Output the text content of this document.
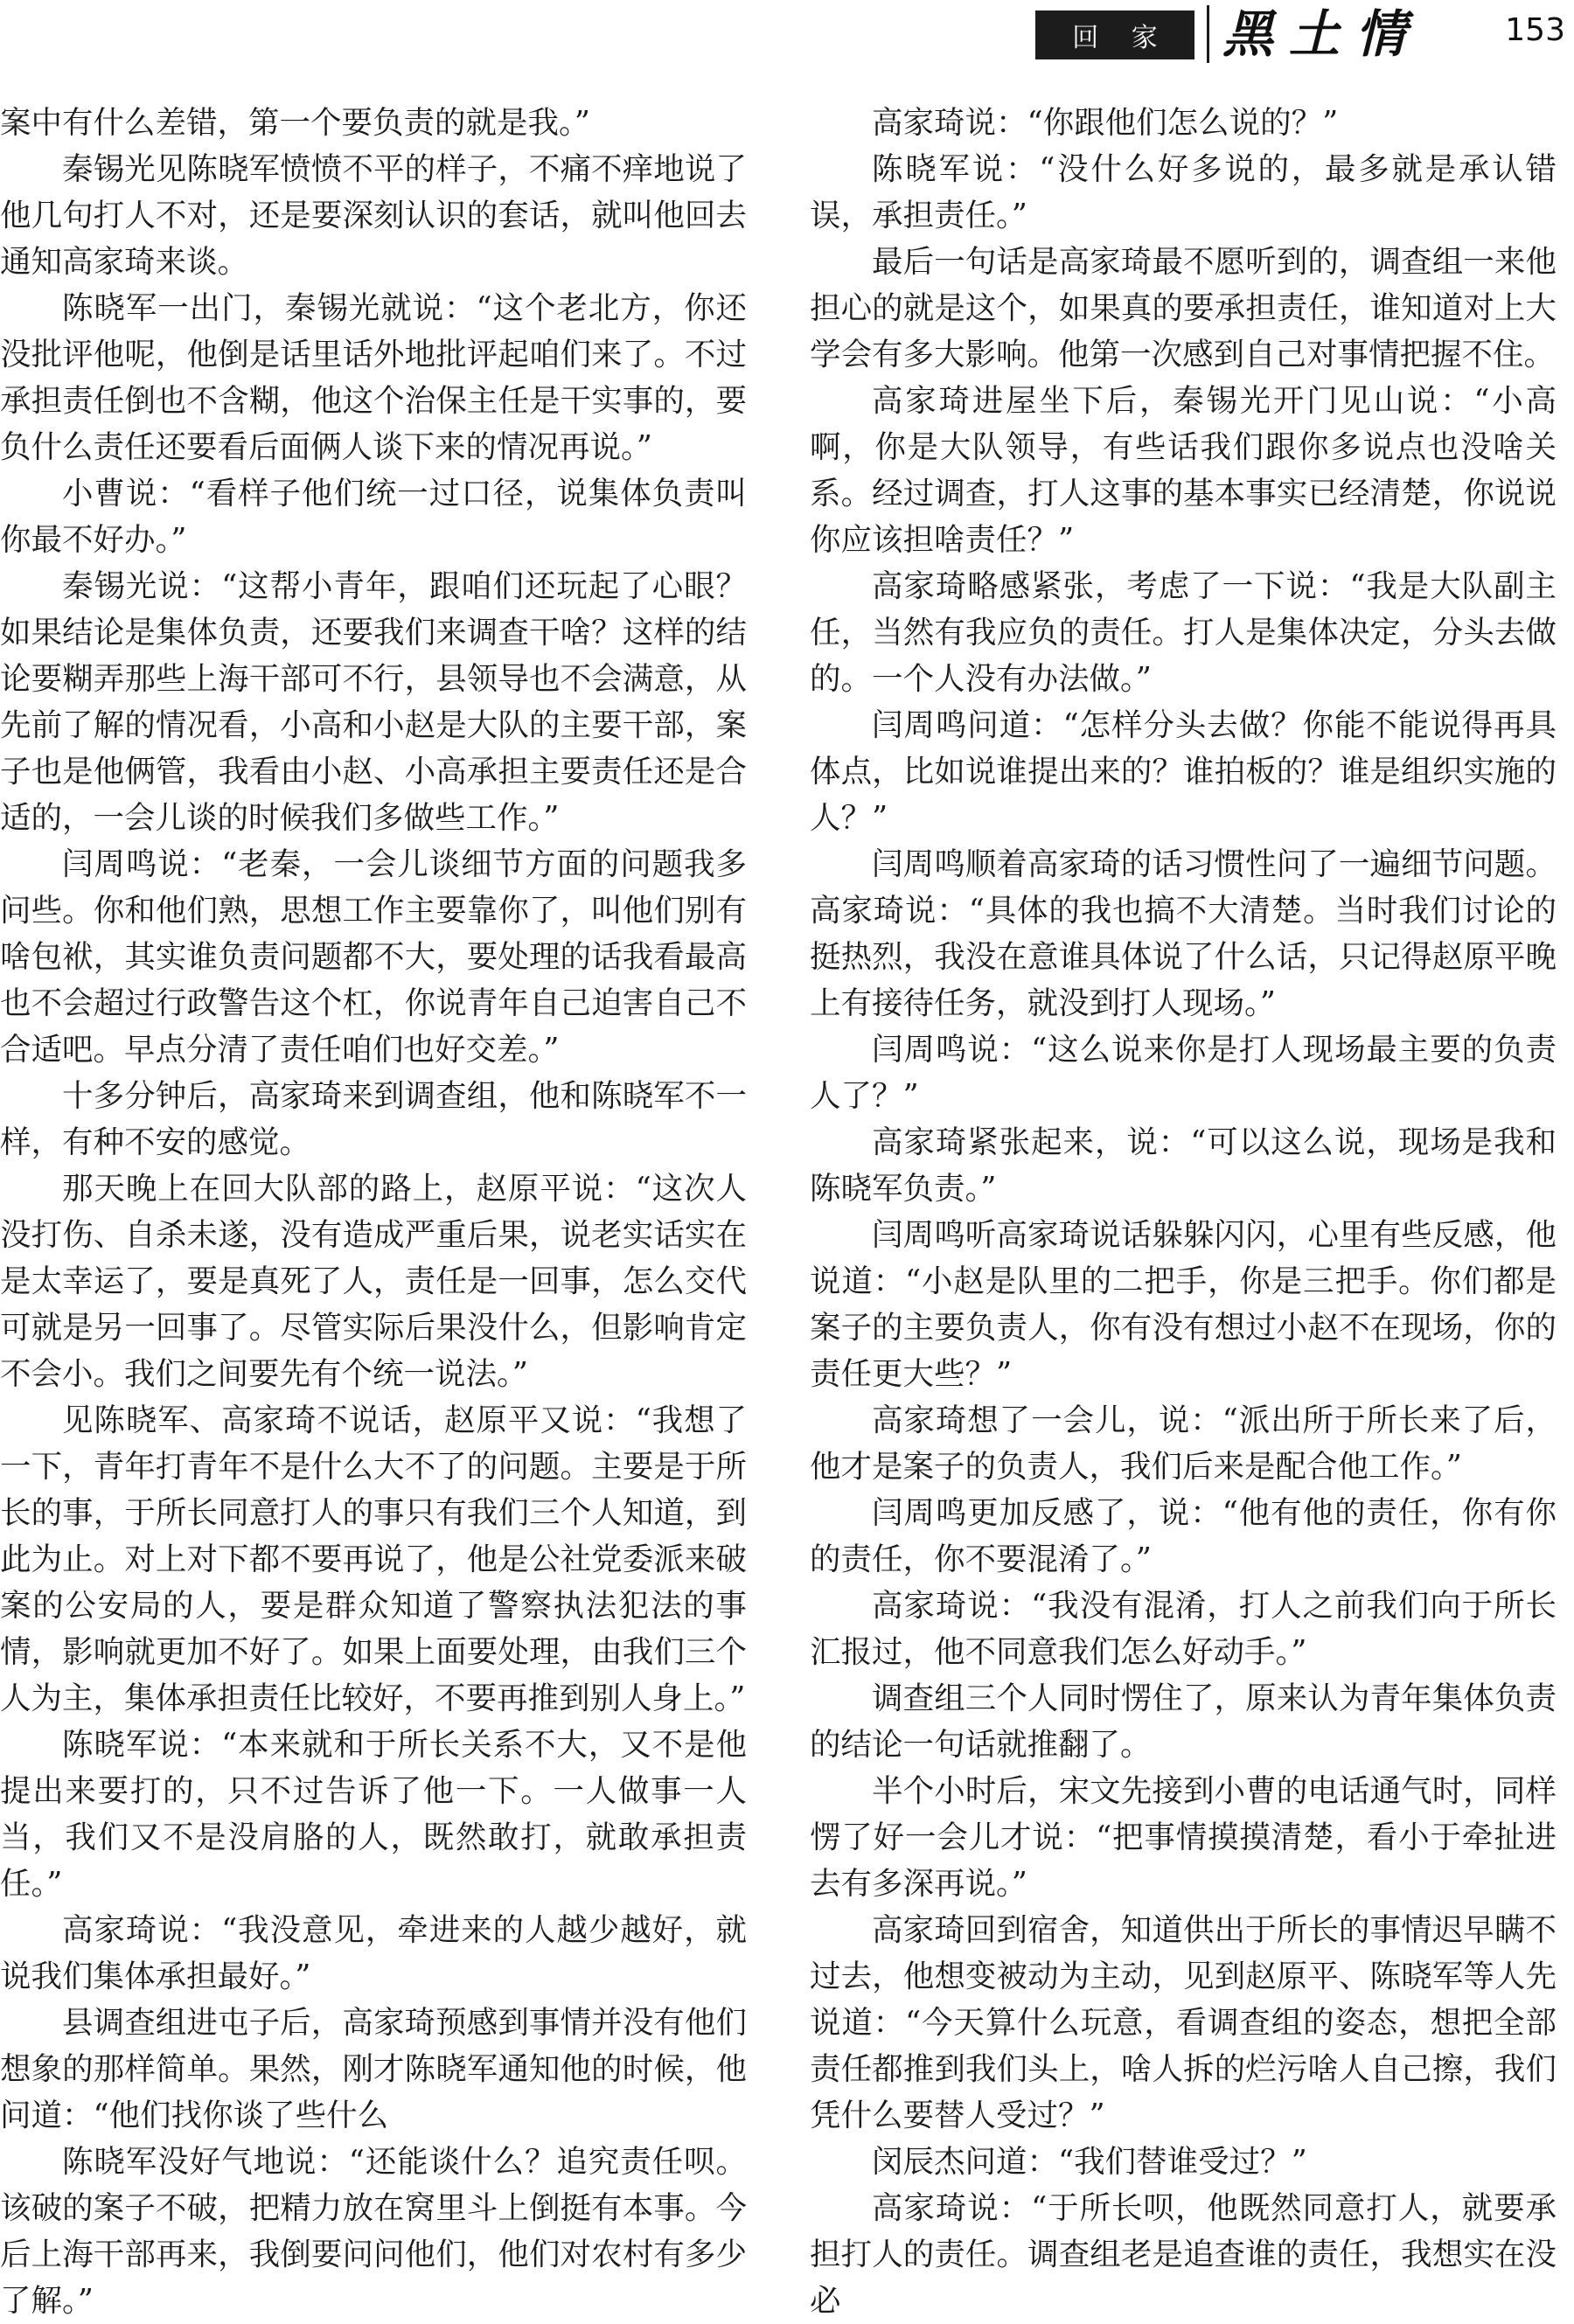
回 家	黑土情	153

案中有什么差错，第一个要负责的就是我。”

秦锡光见陈晓军愤愤不平的样子，不痛不痒地说了他几句打人不对，还是要深刻认识的套话，就叫他回去通知高家琦来谈。

陈晓军一出门，秦锡光就说：“这个老北方，你还没批评他呢，他倒是话里话外地批评起咱们来了。不过承担责任倒也不含糊，他这个治保主任是干实事的，要负什么责任还要看后面俩人谈下来的情况再说。”

小曹说：“看样子他们统一过口径，说集体负责叫你最不好办。”

秦锡光说：“这帮小青年，跟咱们还玩起了心眼？如果结论是集体负责，还要我们来调查干啥？这样的结论要糊弄那些上海干部可不行，县领导也不会满意，从先前了解的情况看，小高和小赵是大队的主要干部，案子也是他俩管，我看由小赵、小高承担主要责任还是合适的，一会儿谈的时候我们多做些工作。”

闫周鸣说：“老秦，一会儿谈细节方面的问题我多问些。你和他们熟，思想工作主要靠你了，叫他们别有啥包袱，其实谁负责问题都不大，要处理的话我看最高也不会超过行政警告这个杠，你说青年自己迫害自己不合适吧。早点分清了责任咱们也好交差。”

十多分钟后，高家琦来到调查组，他和陈晓军不一样，有种不安的感觉。

那天晚上在回大队部的路上，赵原平说：“这次人没打伤、自杀未遂，没有造成严重后果，说老实话实在是太幸运了，要是真死了人，责任是一回事，怎么交代可就是另一回事了。尽管实际后果没什么，但影响肯定不会小。我们之间要先有个统一说法。”

见陈晓军、高家琦不说话，赵原平又说：“我想了一下，青年打青年不是什么大不了的问题。主要是于所长的事，于所长同意打人的事只有我们三个人知道，到此为止。对上对下都不要再说了，他是公社党委派来破案的公安局的人，要是群众知道了警察执法犯法的事情，影响就更加不好了。如果上面要处理，由我们三个人为主，集体承担责任比较好，不要再推到别人身上。”

陈晓军说：“本来就和于所长关系不大，又不是他提出来要打的，只不过告诉了他一下。一人做事一人当，我们又不是没肩胳的人，既然敢打，就敢承担责任。”

高家琦说：“我没意见，牵进来的人越少越好，就说我们集体承担最好。”

县调查组进屯子后，高家琦预感到事情并没有他们想象的那样简单。果然，刚才陈晓军通知他的时候，他问道：“他们找你谈了些什么

陈晓军没好气地说：“还能谈什么？追究责任呗。该破的案子不破，把精力放在窝里斗上倒挺有本事。今后上海干部再来，我倒要问问他们，他们对农村有多少了解。”

高家琦说：“你跟他们怎么说的？”

陈晓军说：“没什么好多说的，最多就是承认错误，承担责任。”

最后一句话是高家琦最不愿听到的，调查组一来他担心的就是这个，如果真的要承担责任，谁知道对上大学会有多大影响。他第一次感到自己对事情把握不住。

高家琦进屋坐下后，秦锡光开门见山说：“小高啊，你是大队领导，有些话我们跟你多说点也没啥关系。经过调查，打人这事的基本事实已经清楚，你说说你应该担啥责任？”

高家琦略感紧张，考虑了一下说：“我是大队副主任，当然有我应负的责任。打人是集体决定，分头去做的。一个人没有办法做。”

闫周鸣问道：“怎样分头去做？你能不能说得再具体点，比如说谁提出来的？谁拍板的？谁是组织实施的人？”

闫周鸣顺着高家琦的话习惯性问了一遍细节问题。高家琦说：“具体的我也搞不大清楚。当时我们讨论的挺热烈，我没在意谁具体说了什么话，只记得赵原平晚上有接待任务，就没到打人现场。”

闫周鸣说：“这么说来你是打人现场最主要的负责人了？”

高家琦紧张起来，说：“可以这么说，现场是我和陈晓军负责。”

闫周鸣听高家琦说话躲躲闪闪，心里有些反感，他说道：“小赵是队里的二把手，你是三把手。你们都是案子的主要负责人，你有没有想过小赵不在现场，你的责任更大些？”

高家琦想了一会儿，说：“派出所于所长来了后，他才是案子的负责人，我们后来是配合他工作。”

闫周鸣更加反感了，说：“他有他的责任，你有你的责任，你不要混淆了。”

高家琦说：“我没有混淆，打人之前我们向于所长汇报过，他不同意我们怎么好动手。”

调查组三个人同时愣住了，原来认为青年集体负责的结论一句话就推翻了。

半个小时后，宋文先接到小曹的电话通气时，同样愣了好一会儿才说：“把事情摸摸清楚，看小于牵扯进去有多深再说。”

高家琦回到宿舍，知道供出于所长的事情迟早瞒不过去，他想变被动为主动，见到赵原平、陈晓军等人先说道：“今天算什么玩意，看调查组的姿态，想把全部责任都推到我们头上，啥人拆的烂污啥人自己擦，我们凭什么要替人受过？”

闵辰杰问道：“我们替谁受过？”

高家琦说：“于所长呗，他既然同意打人，就要承担打人的责任。调查组老是追查谁的责任，我想实在没必
